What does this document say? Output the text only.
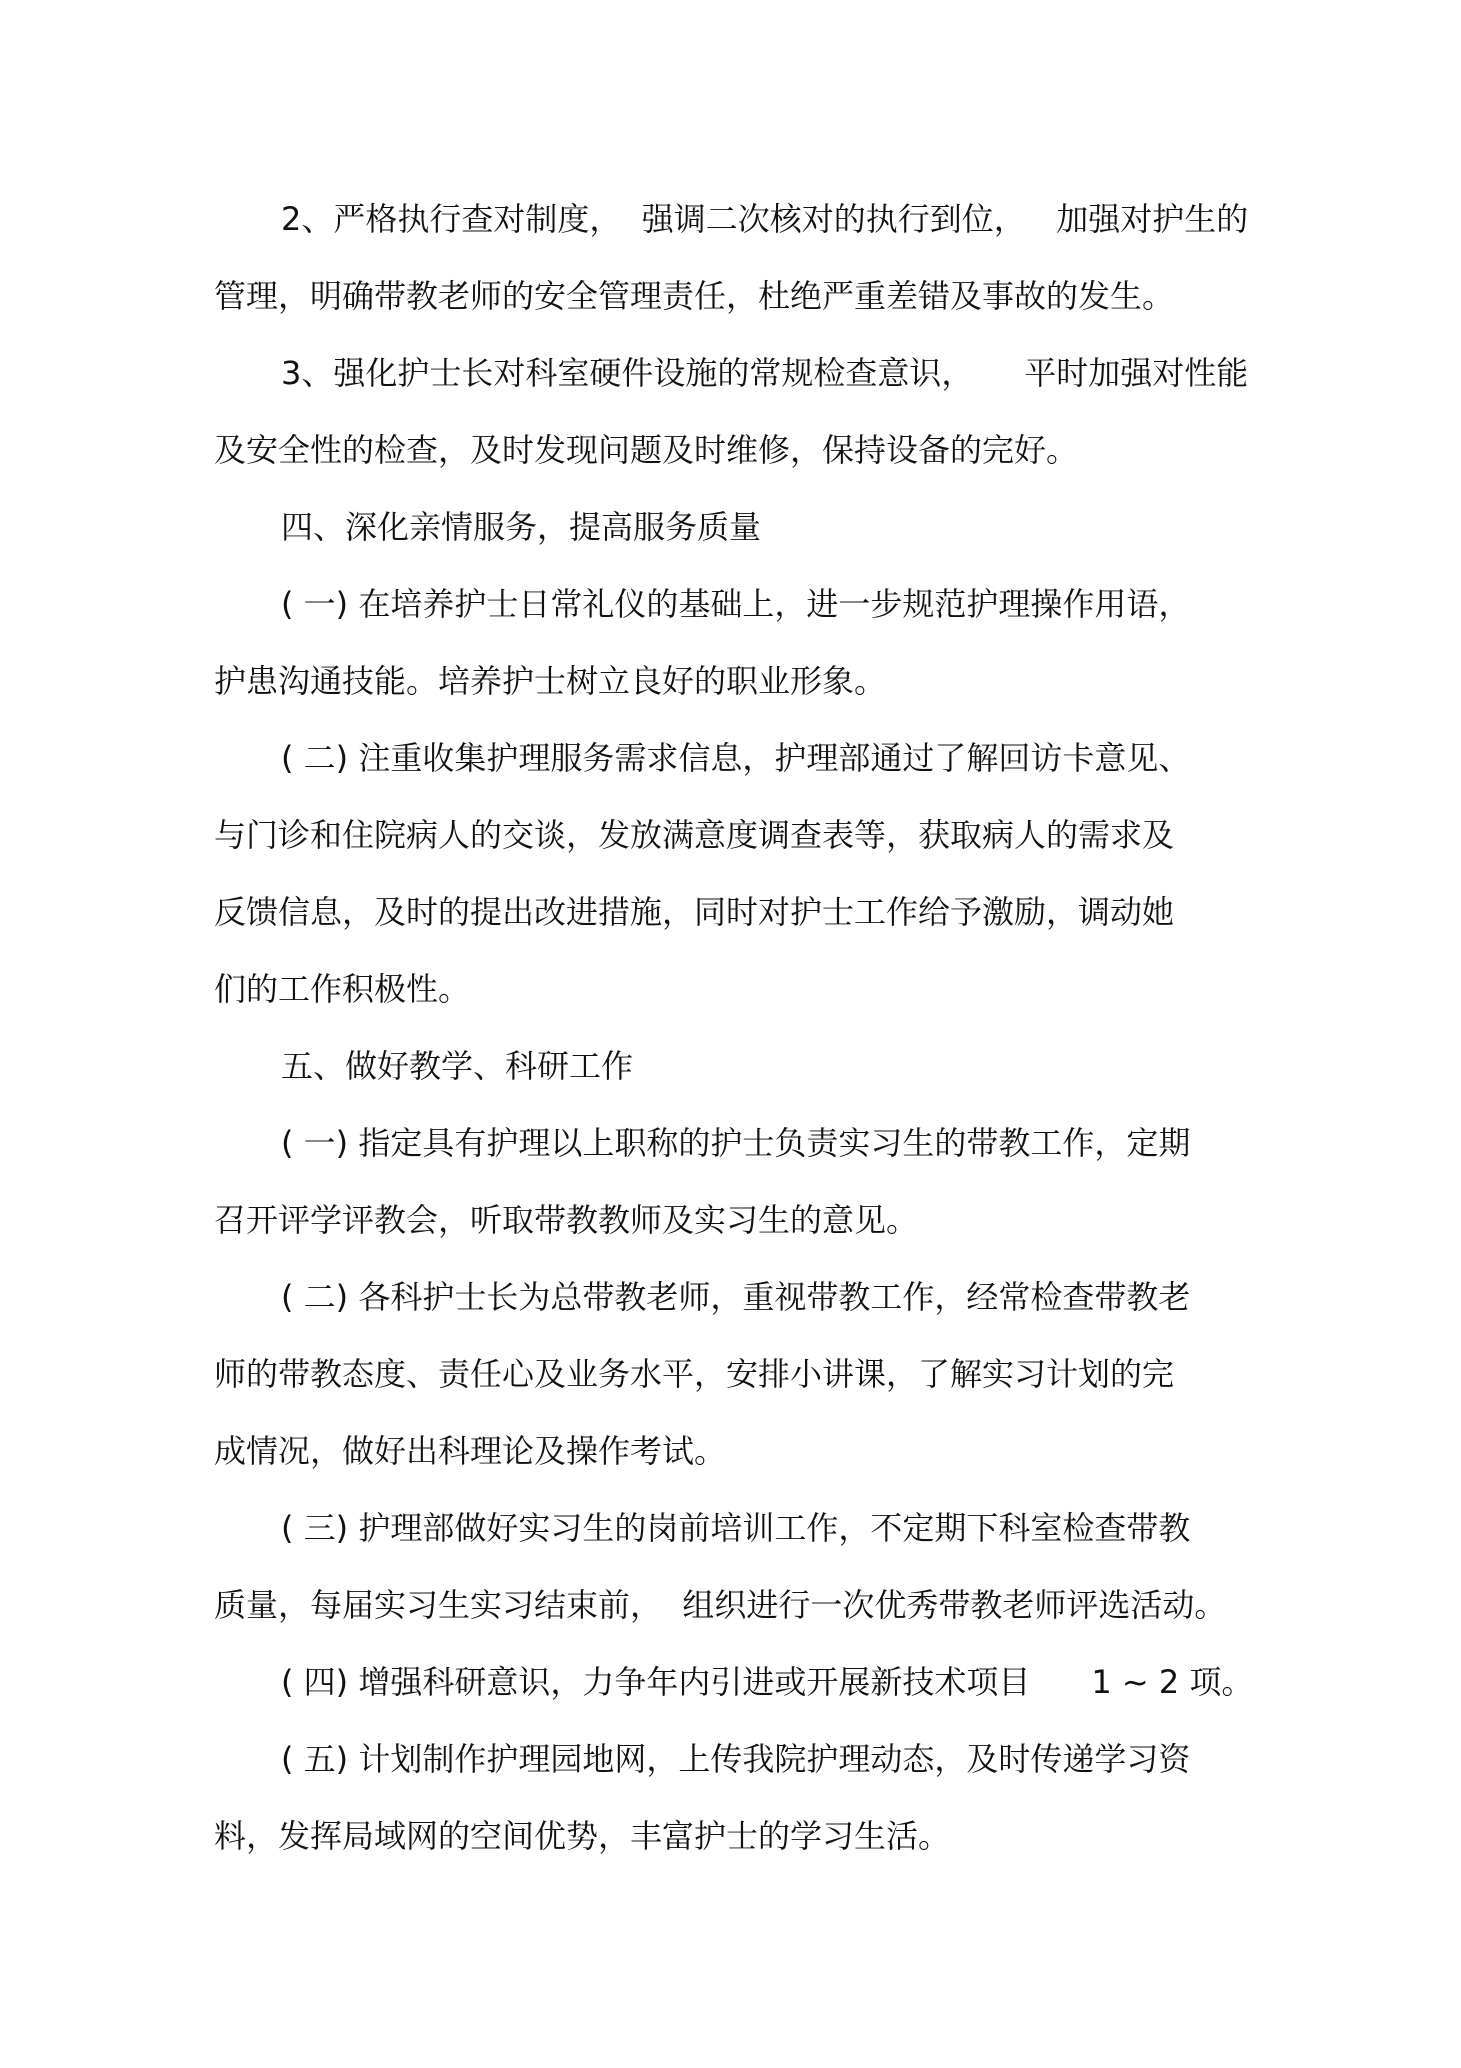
2、严格执行查对制度，  强调二次核对的执行到位，   加强对护生的
管理，明确带教老师的安全管理责任，杜绝严重差错及事故的发生。
3、强化护士长对科室硬件设施的常规检查意识，     平时加强对性能
及安全性的检查，及时发现问题及时维修，保持设备的完好。
四、深化亲情服务，提高服务质量
( 一) 在培养护士日常礼仪的基础上，进一步规范护理操作用语，
护患沟通技能。培养护士树立良好的职业形象。
( 二) 注重收集护理服务需求信息，护理部通过了解回访卡意见、
与门诊和住院病人的交谈，发放满意度调查表等，获取病人的需求及
反馈信息，及时的提出改进措施，同时对护士工作给予激励，调动她
们的工作积极性。
五、做好教学、科研工作
( 一) 指定具有护理以上职称的护士负责实习生的带教工作，定期
召开评学评教会，听取带教教师及实习生的意见。
( 二) 各科护士长为总带教老师，重视带教工作，经常检查带教老
师的带教态度、责任心及业务水平，安排小讲课，了解实习计划的完
成情况，做好出科理论及操作考试。
( 三) 护理部做好实习生的岗前培训工作，不定期下科室检查带教
质量，每届实习生实习结束前，  组织进行一次优秀带教老师评选活动。
( 四) 增强科研意识，力争年内引进或开展新技术项目      1 ~ 2 项。
( 五) 计划制作护理园地网，上传我院护理动态，及时传递学习资
料，发挥局域网的空间优势，丰富护士的学习生活。
